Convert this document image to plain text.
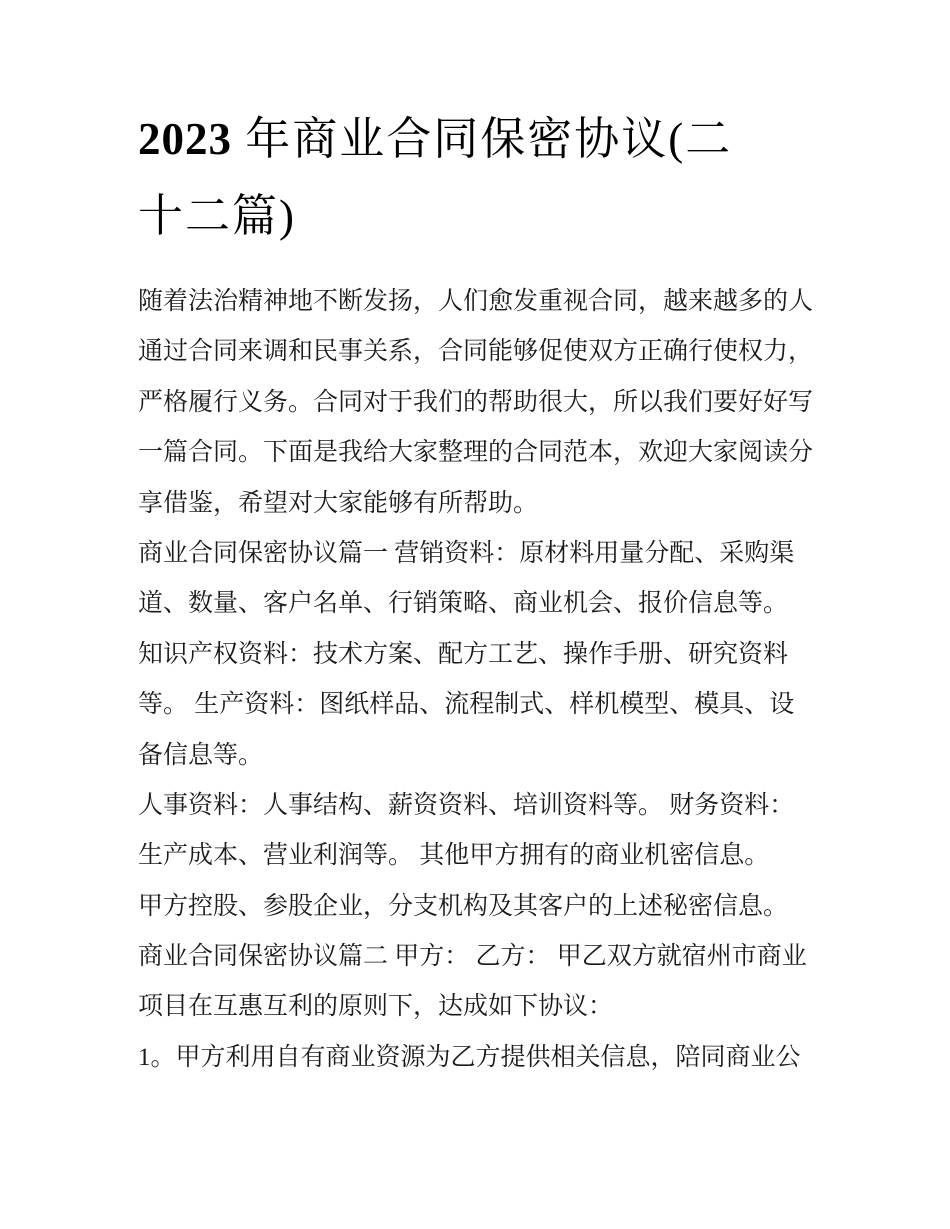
2023 年商业合同保密协议(二
十二篇)
随着法治精神地不断发扬，人们愈发重视合同，越来越多的人
通过合同来调和民事关系，合同能够促使双方正确行使权力，
严格履行义务。合同对于我们的帮助很大，所以我们要好好写
一篇合同。下面是我给大家整理的合同范本，欢迎大家阅读分
享借鉴，希望对大家能够有所帮助。
商业合同保密协议篇一 营销资料：原材料用量分配、采购渠
道、数量、客户名单、行销策略、商业机会、报价信息等。
知识产权资料：技术方案、配方工艺、操作手册、研究资料
等。 生产资料：图纸样品、流程制式、样机模型、模具、设
备信息等。
人事资料：人事结构、薪资资料、培训资料等。 财务资料：
生产成本、营业利润等。 其他甲方拥有的商业机密信息。
甲方控股、参股企业，分支机构及其客户的上述秘密信息。
商业合同保密协议篇二 甲方： 乙方： 甲乙双方就宿州市商业
项目在互惠互利的原则下，达成如下协议：
1。甲方利用自有商业资源为乙方提供相关信息，陪同商业公
